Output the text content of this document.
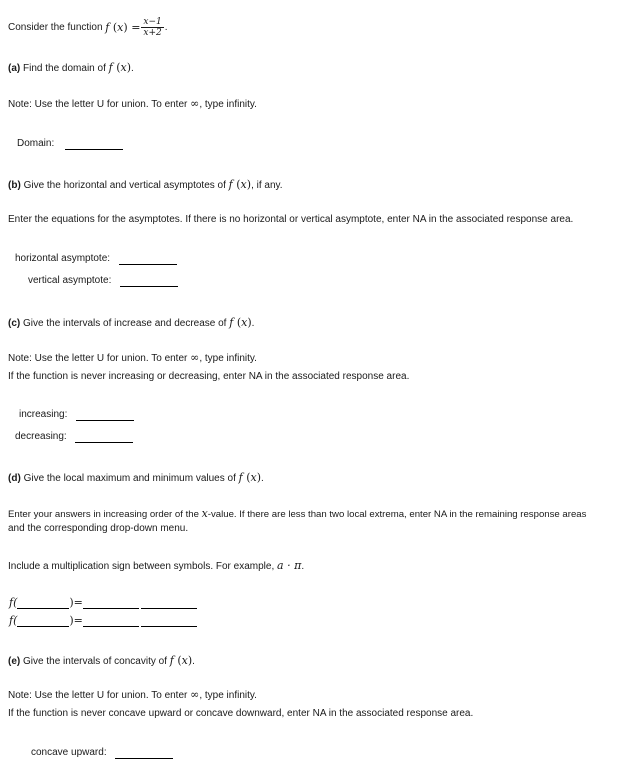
Consider the function
f ( x ) = $\frac{x-1}{x+2}$ .
(a) Find the domain of f (x).
Note: Use the letter U for union. To enter ∞, type infinity.
Domain:
(b) Give the horizontal and vertical asymptotes of f (x), if any.
Enter the equations for the asymptotes. If there is no horizontal or vertical asymptote, enter NA in the associated response area.
horizontal asymptote:
vertical asymptote:
(c) Give the intervals of increase and decrease of f (x).
Note: Use the letter U for union. To enter ∞, type infinity.
If the function is never increasing or decreasing, enter NA in the associated response area.
increasing:
decreasing:
(d) Give the local maximum and minimum values of f (x).
Enter your answers in increasing order of the x-value. If there are less than two local extrema, enter NA in the remaining response areas
and the corresponding drop-down menu.
Include a multiplication sign between symbols. For example, a · π.
f(	)=
f(	)=
(e) Give the intervals of concavity of f (x).
Note: Use the letter U for union. To enter ∞, type infinity.
If the function is never concave upward or concave downward, enter NA in the associated response area.
concave upward:
